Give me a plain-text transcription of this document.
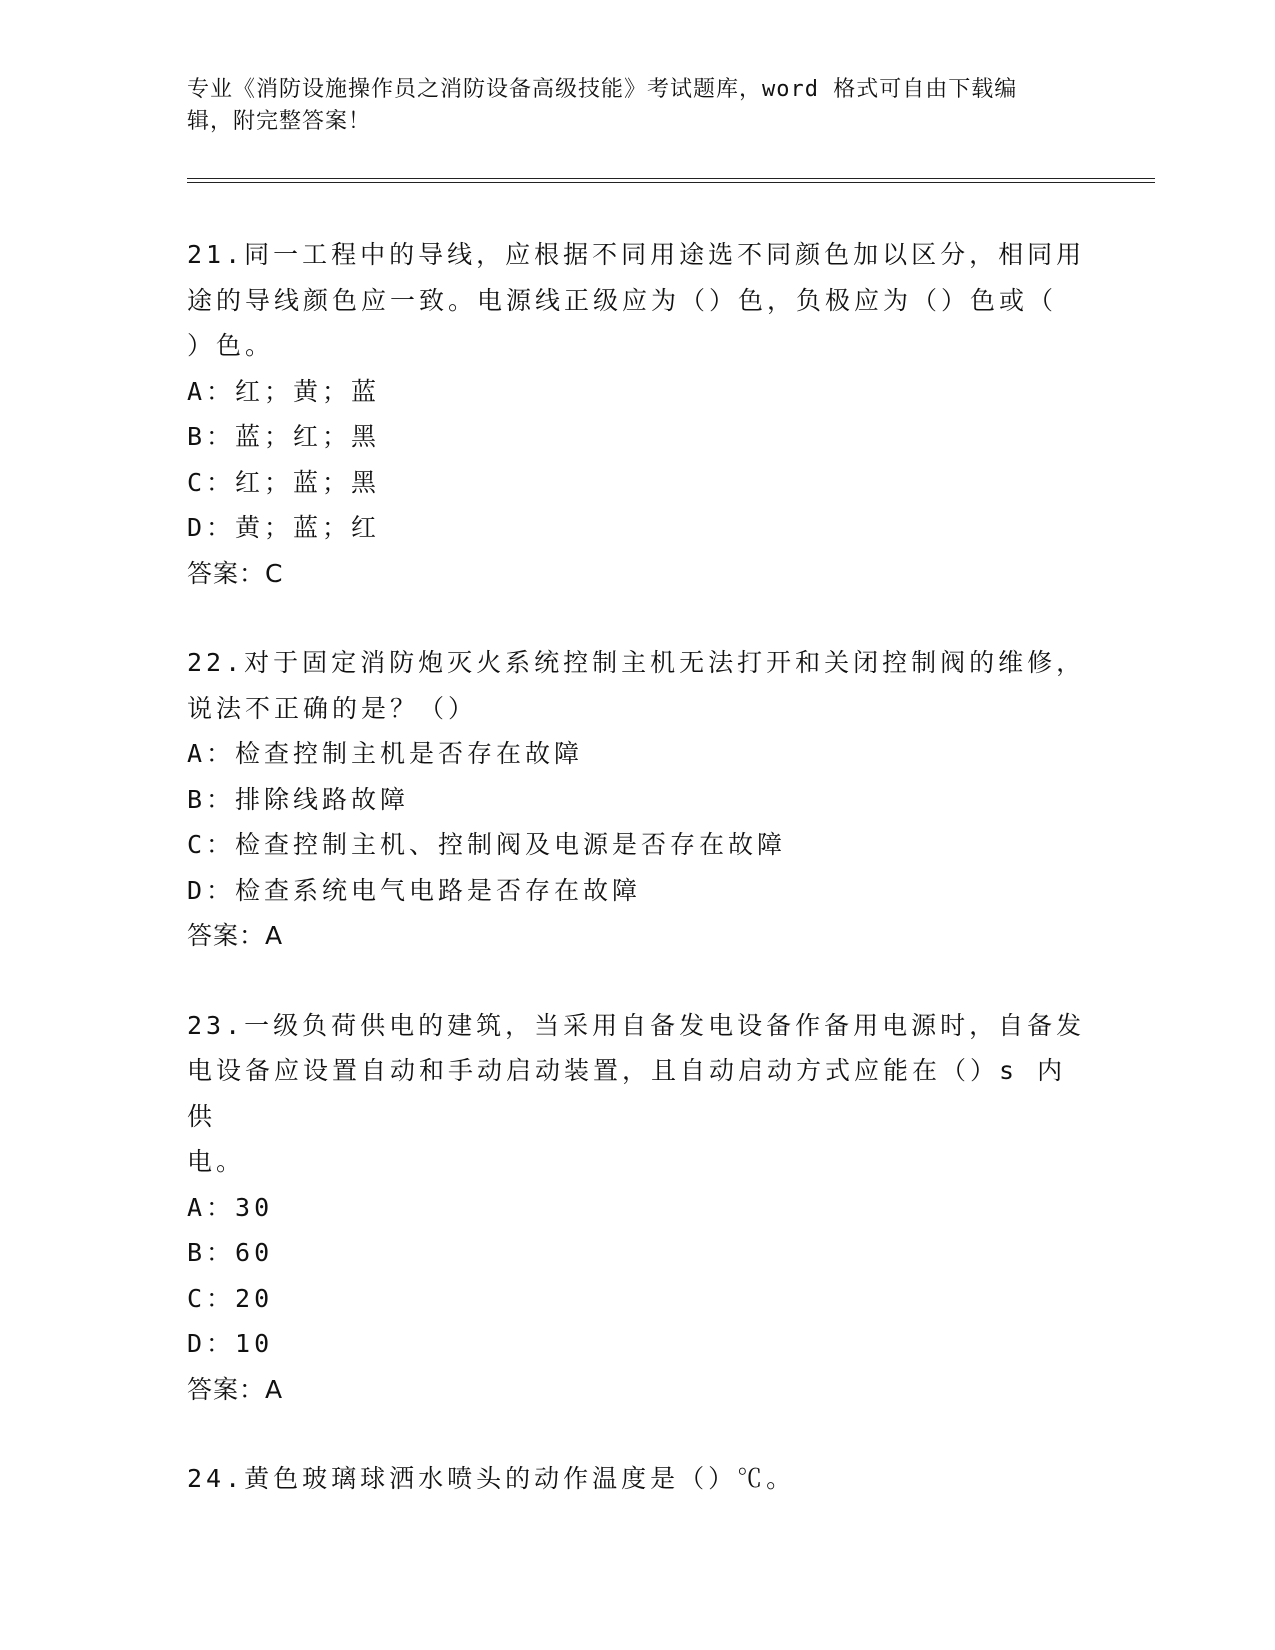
专业《消防设施操作员之消防设备高级技能》考试题库，word 格式可自由下载编
辑，附完整答案！
21.同一工程中的导线，应根据不同用途选不同颜色加以区分，相同用
途的导线颜色应一致。电源线正级应为（）色，负极应为（）色或（
）色。
A：红；黄；蓝
B：蓝；红；黑
C：红；蓝；黑
D：黄；蓝；红
答案：C
22.对于固定消防炮灭火系统控制主机无法打开和关闭控制阀的维修，
说法不正确的是？（）
A：检查控制主机是否存在故障
B：排除线路故障
C：检查控制主机、控制阀及电源是否存在故障
D：检查系统电气电路是否存在故障
答案：A
23.一级负荷供电的建筑，当采用自备发电设备作备用电源时，自备发
电设备应设置自动和手动启动装置，且自动启动方式应能在（）s 内供
电。
A：30
B：60
C：20
D：10
答案：A
24.黄色玻璃球洒水喷头的动作温度是（）℃。
